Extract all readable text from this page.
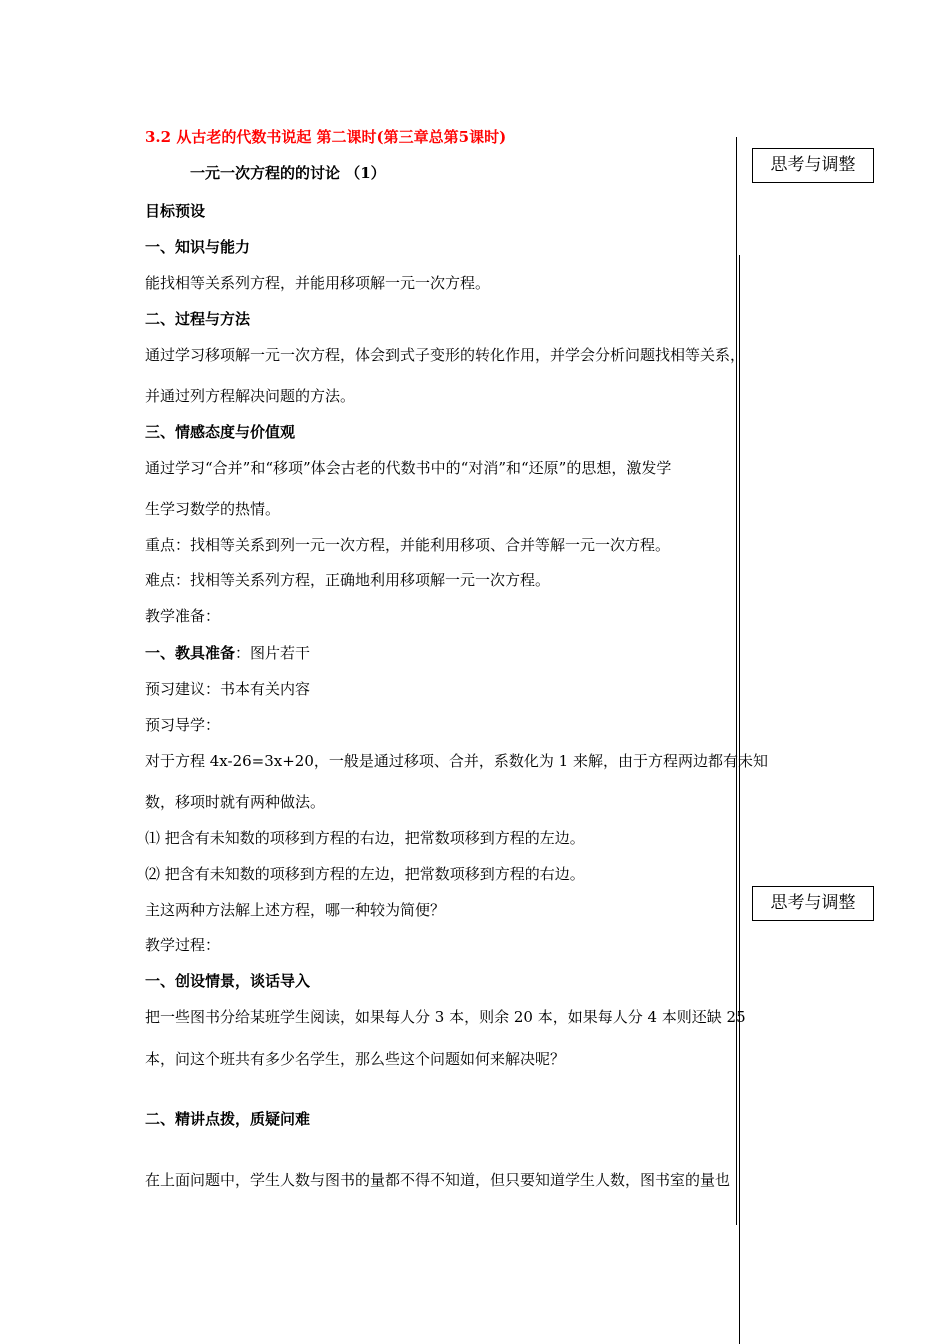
思考与调整
思考与调整
3.2 从古老的代数书说起 第二课时(第三章总第5课时)
一元一次方程的的讨论 （1）
目标预设
一、知识与能力
能找相等关系列方程，并能用移项解一元一次方程。
二、过程与方法
通过学习移项解一元一次方程，体会到式子变形的转化作用，并学会分析问题找相等关系，
并通过列方程解决问题的方法。
三、情感态度与价值观
通过学习“合并”和“移项”体会古老的代数书中的“对消”和“还原”的思想，激发学
生学习数学的热情。
重点：找相等关系到列一元一次方程，并能利用移项、合并等解一元一次方程。
难点：找相等关系列方程，正确地利用移项解一元一次方程。
教学准备：
一、教具准备：图片若干
预习建议：书本有关内容
预习导学：
对于方程 4x-26=3x+20，一般是通过移项、合并，系数化为 1 来解，由于方程两边都有未知
数，移项时就有两种做法。
⑴ 把含有未知数的项移到方程的右边，把常数项移到方程的左边。
⑵ 把含有未知数的项移到方程的左边，把常数项移到方程的右边。
主这两种方法解上述方程，哪一种较为简便？
教学过程：
一、创设情景，谈话导入
把一些图书分给某班学生阅读，如果每人分 3 本，则余 20 本，如果每人分 4 本则还缺 25
本，问这个班共有多少名学生，那么些这个问题如何来解决呢？
二、精讲点拨，质疑问难
在上面问题中，学生人数与图书的量都不得不知道，但只要知道学生人数，图书室的量也
